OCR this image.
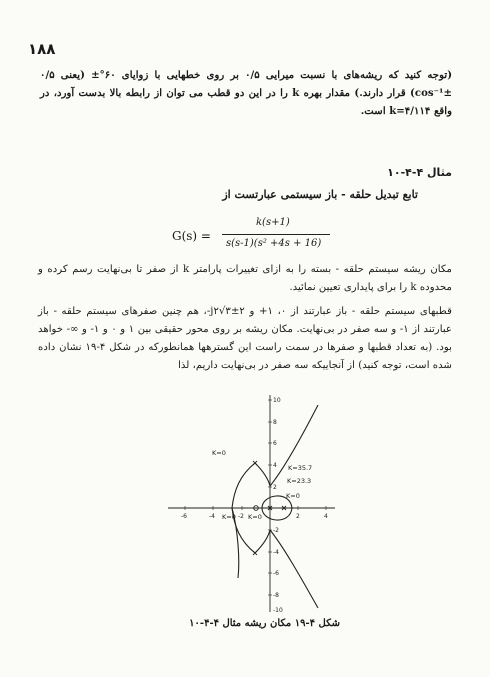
۱۸۸
(توجه کنید که ریشه‌های با نسبت میرایی ۰/۵ بر روی خطهایی با زوایای ۶۰°± (یعنی ۰/۵ ‎cos⁻¹±) قرار دارند.) مقدار بهره k را در این دو قطب می توان از رابطه بالا بدست آورد، در واقع k=۴/۱۱۴ است.
مثال ۴-۴-۱۰
تابع تبدیل حلقه - باز سیستمی عبارتست از
G(s) =
k(s+1)
s(s-1)(s² +4s + 16)
مکان ریشه سیستم حلقه - بسته را به ازای تغییرات پارامتر k از صفر تا بی‌نهایت رسم کرده و محدوده k را برای پایداری تعیین نمائید.
قطبهای سیستم حلقه - باز عبارتند از ۰، ۱+ و ‎j۲√۳‎±۲-، هم چنین صفرهای سیستم حلقه - باز عبارتند از ۱- و سه صفر در بی‌نهایت. مکان ریشه بر روی محور حقیقی بین ۱ و ۰ و ۱- و ∞- خواهد بود. (به تعداد قطبها و صفرها در سمت راست این گسترهها همانطورکه در شکل ۴-۱۹ نشان داده شده است، توجه کنید) از آنجاییکه سه صفر در بی‌نهایت داریم، لذا
10
8
6
4
2
-2
-4
-6
-8
-10
-6	-4	-2	2	4
K=0
K=35.7
K=23.3
K=0
K=0 K=0
شکل ۴-۱۹ مکان ریشه مثال ۴-۴-۱۰
